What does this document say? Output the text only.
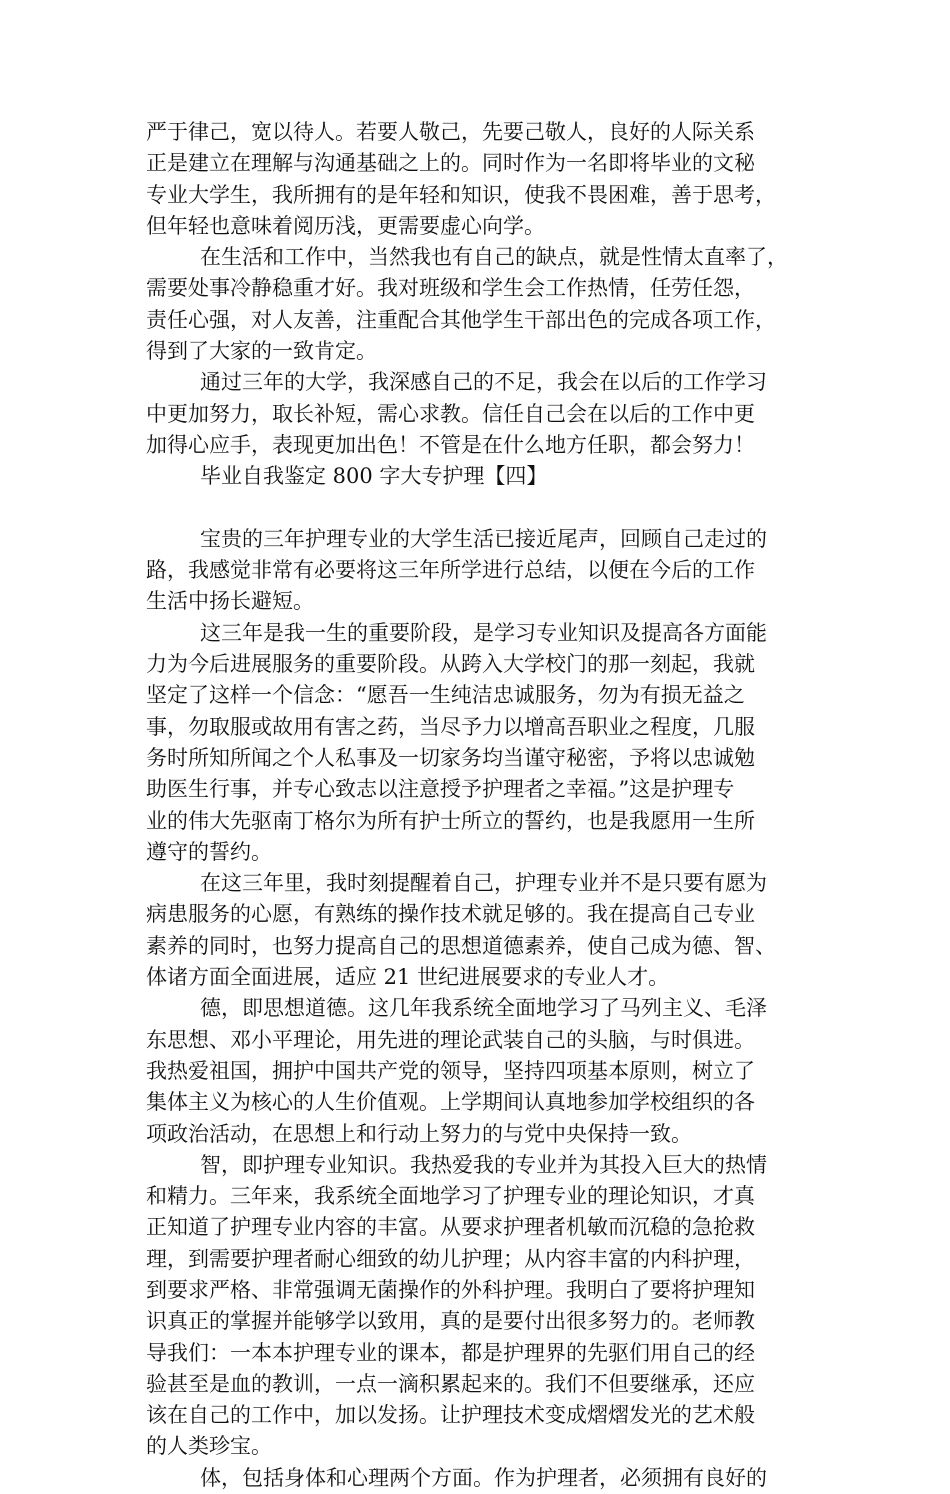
严于律己，宽以待人。若要人敬己，先要己敬人，良好的人际关系
正是建立在理解与沟通基础之上的。同时作为一名即将毕业的文秘
专业大学生，我所拥有的是年轻和知识，使我不畏困难，善于思考，
但年轻也意味着阅历浅，更需要虚心向学。
在生活和工作中，当然我也有自己的缺点，就是性情太直率了，
需要处事冷静稳重才好。我对班级和学生会工作热情，任劳任怨，
责任心强，对人友善，注重配合其他学生干部出色的完成各项工作，
得到了大家的一致肯定。
通过三年的大学，我深感自己的不足，我会在以后的工作学习
中更加努力，取长补短，需心求教。信任自己会在以后的工作中更
加得心应手，表现更加出色！不管是在什么地方任职，都会努力！
毕业自我鉴定 800 字大专护理【四】
宝贵的三年护理专业的大学生活已接近尾声，回顾自己走过的
路，我感觉非常有必要将这三年所学进行总结，以便在今后的工作
生活中扬长避短。
这三年是我一生的重要阶段，是学习专业知识及提高各方面能
力为今后进展服务的重要阶段。从跨入大学校门的那一刻起，我就
坚定了这样一个信念：“愿吾一生纯洁忠诚服务，勿为有损无益之
事，勿取服或故用有害之药，当尽予力以增高吾职业之程度，几服
务时所知所闻之个人私事及一切家务均当谨守秘密，予将以忠诚勉
助医生行事，并专心致志以注意授予护理者之幸福。”这是护理专
业的伟大先驱南丁格尔为所有护士所立的誓约，也是我愿用一生所
遵守的誓约。
在这三年里，我时刻提醒着自己，护理专业并不是只要有愿为
病患服务的心愿，有熟练的操作技术就足够的。我在提高自己专业
素养的同时，也努力提高自己的思想道德素养，使自己成为德、智、
体诸方面全面进展，适应 21 世纪进展要求的专业人才。
德，即思想道德。这几年我系统全面地学习了马列主义、毛泽
东思想、邓小平理论，用先进的理论武装自己的头脑，与时俱进。
我热爱祖国，拥护中国共产党的领导，坚持四项基本原则，树立了
集体主义为核心的人生价值观。上学期间认真地参加学校组织的各
项政治活动，在思想上和行动上努力的与党中央保持一致。
智，即护理专业知识。我热爱我的专业并为其投入巨大的热情
和精力。三年来，我系统全面地学习了护理专业的理论知识，才真
正知道了护理专业内容的丰富。从要求护理者机敏而沉稳的急抢救
理，到需要护理者耐心细致的幼儿护理；从内容丰富的内科护理，
到要求严格、非常强调无菌操作的外科护理。我明白了要将护理知
识真正的掌握并能够学以致用，真的是要付出很多努力的。老师教
导我们：一本本护理专业的课本，都是护理界的先驱们用自己的经
验甚至是血的教训，一点一滴积累起来的。我们不但要继承，还应
该在自己的工作中，加以发扬。让护理技术变成熠熠发光的艺术般
的人类珍宝。
体，包括身体和心理两个方面。作为护理者，必须拥有良好的
